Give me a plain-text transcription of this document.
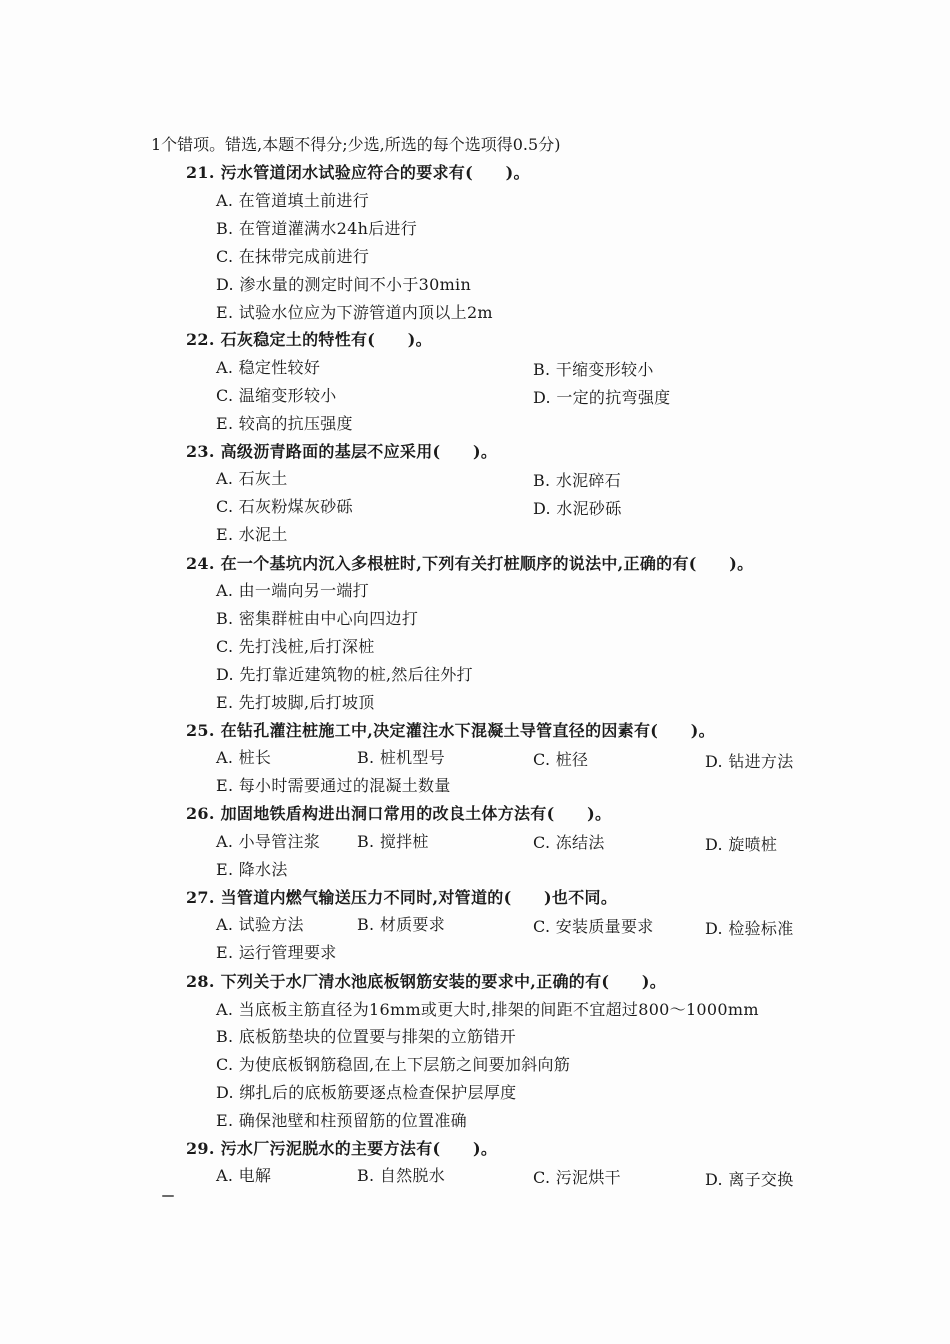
1个错项。错选,本题不得分;少选,所选的每个选项得0.5分)
21. 污水管道闭水试验应符合的要求有(　　)。
A. 在管道填土前进行
B. 在管道灌满水24h后进行
C. 在抹带完成前进行
D. 渗水量的测定时间不小于30min
E. 试验水位应为下游管道内顶以上2m
22. 石灰稳定土的特性有(　　)。
A. 稳定性较好	B. 干缩变形较小
C. 温缩变形较小	D. 一定的抗弯强度
E. 较高的抗压强度
23. 高级沥青路面的基层不应采用(　　)。
A. 石灰土	B. 水泥碎石
C. 石灰粉煤灰砂砾	D. 水泥砂砾
E. 水泥土
24. 在一个基坑内沉入多根桩时,下列有关打桩顺序的说法中,正确的有(　　)。
A. 由一端向另一端打
B. 密集群桩由中心向四边打
C. 先打浅桩,后打深桩
D. 先打靠近建筑物的桩,然后往外打
E. 先打坡脚,后打坡顶
25. 在钻孔灌注桩施工中,决定灌注水下混凝土导管直径的因素有(　　)。
A. 桩长	B. 桩机型号	C. 桩径	D. 钻进方法
E. 每小时需要通过的混凝土数量
26. 加固地铁盾构进出洞口常用的改良土体方法有(　　)。
A. 小导管注浆 B. 搅拌桩	C. 冻结法	D. 旋喷桩
E. 降水法
27. 当管道内燃气输送压力不同时,对管道的(　　)也不同。
A. 试验方法	B. 材质要求	C. 安装质量要求	D. 检验标准
E. 运行管理要求
28. 下列关于水厂清水池底板钢筋安装的要求中,正确的有(　　)。
A. 当底板主筋直径为16mm或更大时,排架的间距不宜超过800～1000mm
B. 底板筋垫块的位置要与排架的立筋错开
C. 为使底板钢筋稳固,在上下层筋之间要加斜向筋
D. 绑扎后的底板筋要逐点检查保护层厚度
E. 确保池壁和柱预留筋的位置准确
29. 污水厂污泥脱水的主要方法有(　　)。
A. 电解	B. 自然脱水	C. 污泥烘干	D. 离子交换
